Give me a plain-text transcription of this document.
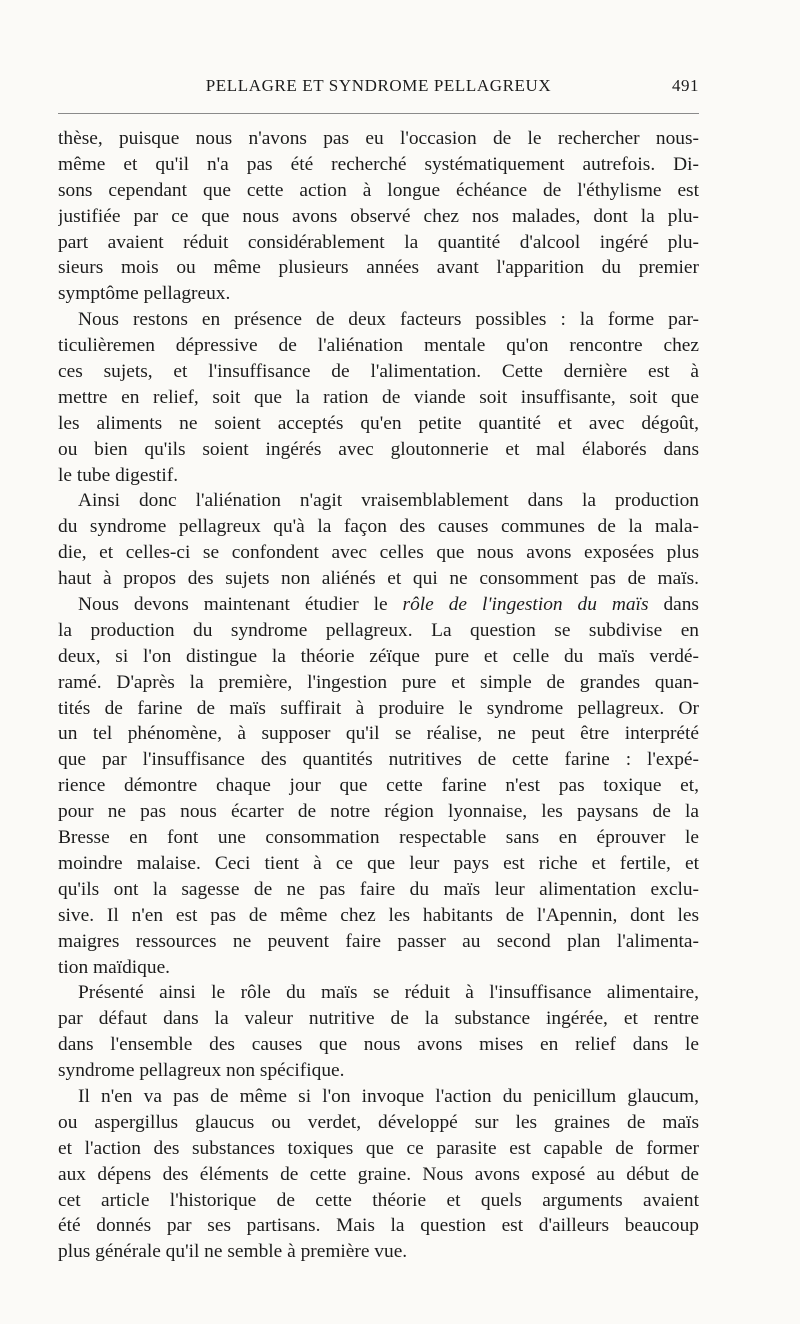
PELLAGRE ET SYNDROME PELLAGREUX	491
thèse, puisque nous n'avons pas eu l'occasion de le rechercher nous-
même et qu'il n'a pas été recherché systématiquement autrefois. Di-
sons cependant que cette action à longue échéance de l'éthylisme est
justifiée par ce que nous avons observé chez nos malades, dont la plu-
part avaient réduit considérablement la quantité d'alcool ingéré plu-
sieurs mois ou même plusieurs années avant l'apparition du premier
symptôme pellagreux.
Nous restons en présence de deux facteurs possibles : la forme par-
ticulièremen dépressive de l'aliénation mentale qu'on rencontre chez
ces sujets, et l'insuffisance de l'alimentation. Cette dernière est à
mettre en relief, soit que la ration de viande soit insuffisante, soit que
les aliments ne soient acceptés qu'en petite quantité et avec dégoût,
ou bien qu'ils soient ingérés avec gloutonnerie et mal élaborés dans
le tube digestif.
Ainsi donc l'aliénation n'agit vraisemblablement dans la production
du syndrome pellagreux qu'à la façon des causes communes de la mala-
die, et celles-ci se confondent avec celles que nous avons exposées plus
haut à propos des sujets non aliénés et qui ne consomment pas de maïs.
Nous devons maintenant étudier le rôle de l'ingestion du maïs dans
la production du syndrome pellagreux. La question se subdivise en
deux, si l'on distingue la théorie zéïque pure et celle du maïs verdé-
ramé. D'après la première, l'ingestion pure et simple de grandes quan-
tités de farine de maïs suffirait à produire le syndrome pellagreux. Or
un tel phénomène, à supposer qu'il se réalise, ne peut être interprété
que par l'insuffisance des quantités nutritives de cette farine : l'expé-
rience démontre chaque jour que cette farine n'est pas toxique et,
pour ne pas nous écarter de notre région lyonnaise, les paysans de la
Bresse en font une consommation respectable sans en éprouver le
moindre malaise. Ceci tient à ce que leur pays est riche et fertile, et
qu'ils ont la sagesse de ne pas faire du maïs leur alimentation exclu-
sive. Il n'en est pas de même chez les habitants de l'Apennin, dont les
maigres ressources ne peuvent faire passer au second plan l'alimenta-
tion maïdique.
Présenté ainsi le rôle du maïs se réduit à l'insuffisance alimentaire,
par défaut dans la valeur nutritive de la substance ingérée, et rentre
dans l'ensemble des causes que nous avons mises en relief dans le
syndrome pellagreux non spécifique.
Il n'en va pas de même si l'on invoque l'action du penicillum glaucum,
ou aspergillus glaucus ou verdet, développé sur les graines de maïs
et l'action des substances toxiques que ce parasite est capable de former
aux dépens des éléments de cette graine. Nous avons exposé au début de
cet article l'historique de cette théorie et quels arguments avaient
été donnés par ses partisans. Mais la question est d'ailleurs beaucoup
plus générale qu'il ne semble à première vue.
